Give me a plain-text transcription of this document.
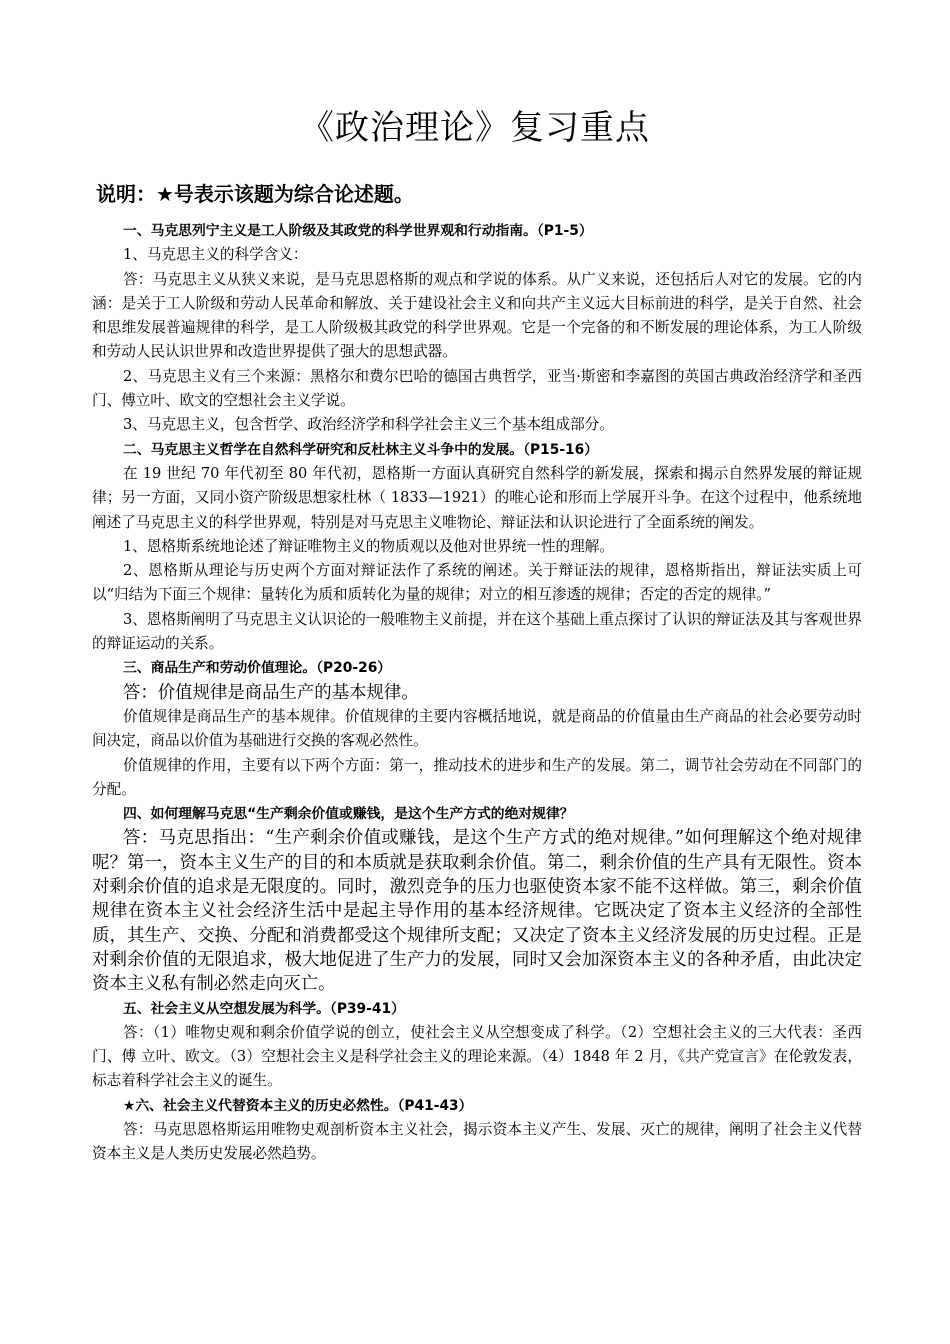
《政治理论》复习重点
说明：★号表示该题为综合论述题。

一、马克思列宁主义是工人阶级及其政党的科学世界观和行动指南。（P1-5）

1、马克思主义的科学含义：

答：马克思主义从狭义来说，是马克思恩格斯的观点和学说的体系。从广义来说，还包括后人对它的发展。它的内涵：是关于工人阶级和劳动人民革命和解放、关于建设社会主义和向共产主义远大目标前进的科学，是关于自然、社会和思维发展普遍规律的科学，是工人阶级极其政党的科学世界观。它是一个完备的和不断发展的理论体系，为工人阶级和劳动人民认识世界和改造世界提供了强大的思想武器。

2、马克思主义有三个来源：黑格尔和费尔巴哈的德国古典哲学，亚当·斯密和李嘉图的英国古典政治经济学和圣西门、傅立叶、欧文的空想社会主义学说。

3、马克思主义，包含哲学、政治经济学和科学社会主义三个基本组成部分。

二、马克思主义哲学在自然科学研究和反杜林主义斗争中的发展。（P15-16）

在 19 世纪 70 年代初至 80 年代初，恩格斯一方面认真研究自然科学的新发展，探索和揭示自然界发展的辩证规律；另一方面，又同小资产阶级思想家杜林（ 1833—1921）的唯心论和形而上学展开斗争。在这个过程中，他系统地阐述了马克思主义的科学世界观，特别是对马克思主义唯物论、辩证法和认识论进行了全面系统的阐发。

1、恩格斯系统地论述了辩证唯物主义的物质观以及他对世界统一性的理解。

2、恩格斯从理论与历史两个方面对辩证法作了系统的阐述。关于辩证法的规律，恩格斯指出，辩证法实质上可以“归结为下面三个规律：量转化为质和质转化为量的规律；对立的相互渗透的规律；否定的否定的规律。”

3、恩格斯阐明了马克思主义认识论的一般唯物主义前提，并在这个基础上重点探讨了认识的辩证法及其与客观世界的辩证运动的关系。

三、商品生产和劳动价值理论。（P20-26）

答：价值规律是商品生产的基本规律。

价值规律是商品生产的基本规律。价值规律的主要内容概括地说，就是商品的价值量由生产商品的社会必要劳动时间决定，商品以价值为基础进行交换的客观必然性。

价值规律的作用，主要有以下两个方面：第一，推动技术的进步和生产的发展。第二，调节社会劳动在不同部门的分配。

四、如何理解马克思“生产剩余价值或赚钱，是这个生产方式的绝对规律？

答：马克思指出：“生产剩余价值或赚钱，是这个生产方式的绝对规律。”如何理解这个绝对规律呢？第一，资本主义生产的目的和本质就是获取剩余价值。第二，剩余价值的生产具有无限性。资本对剩余价值的追求是无限度的。同时，激烈竞争的压力也驱使资本家不能不这样做。第三，剩余价值规律在资本主义社会经济生活中是起主导作用的基本经济规律。它既决定了资本主义经济的全部性质，其生产、交换、分配和消费都受这个规律所支配；又决定了资本主义经济发展的历史过程。正是对剩余价值的无限追求，极大地促进了生产力的发展，同时又会加深资本主义的各种矛盾，由此决定资本主义私有制必然走向灭亡。

五、社会主义从空想发展为科学。（P39-41）

答：（1）唯物史观和剩余价值学说的创立，使社会主义从空想变成了科学。（2）空想社会主义的三大代表：圣西门、傅 立叶、欧文。（3）空想社会主义是科学社会主义的理论来源。（4）1848 年 2 月，《共产党宣言》在伦敦发表，标志着科学社会主义的诞生。

★六、社会主义代替资本主义的历史必然性。（P41-43）

答：马克思恩格斯运用唯物史观剖析资本主义社会，揭示资本主义产生、发展、灭亡的规律，阐明了社会主义代替资本主义是人类历史发展必然趋势。
